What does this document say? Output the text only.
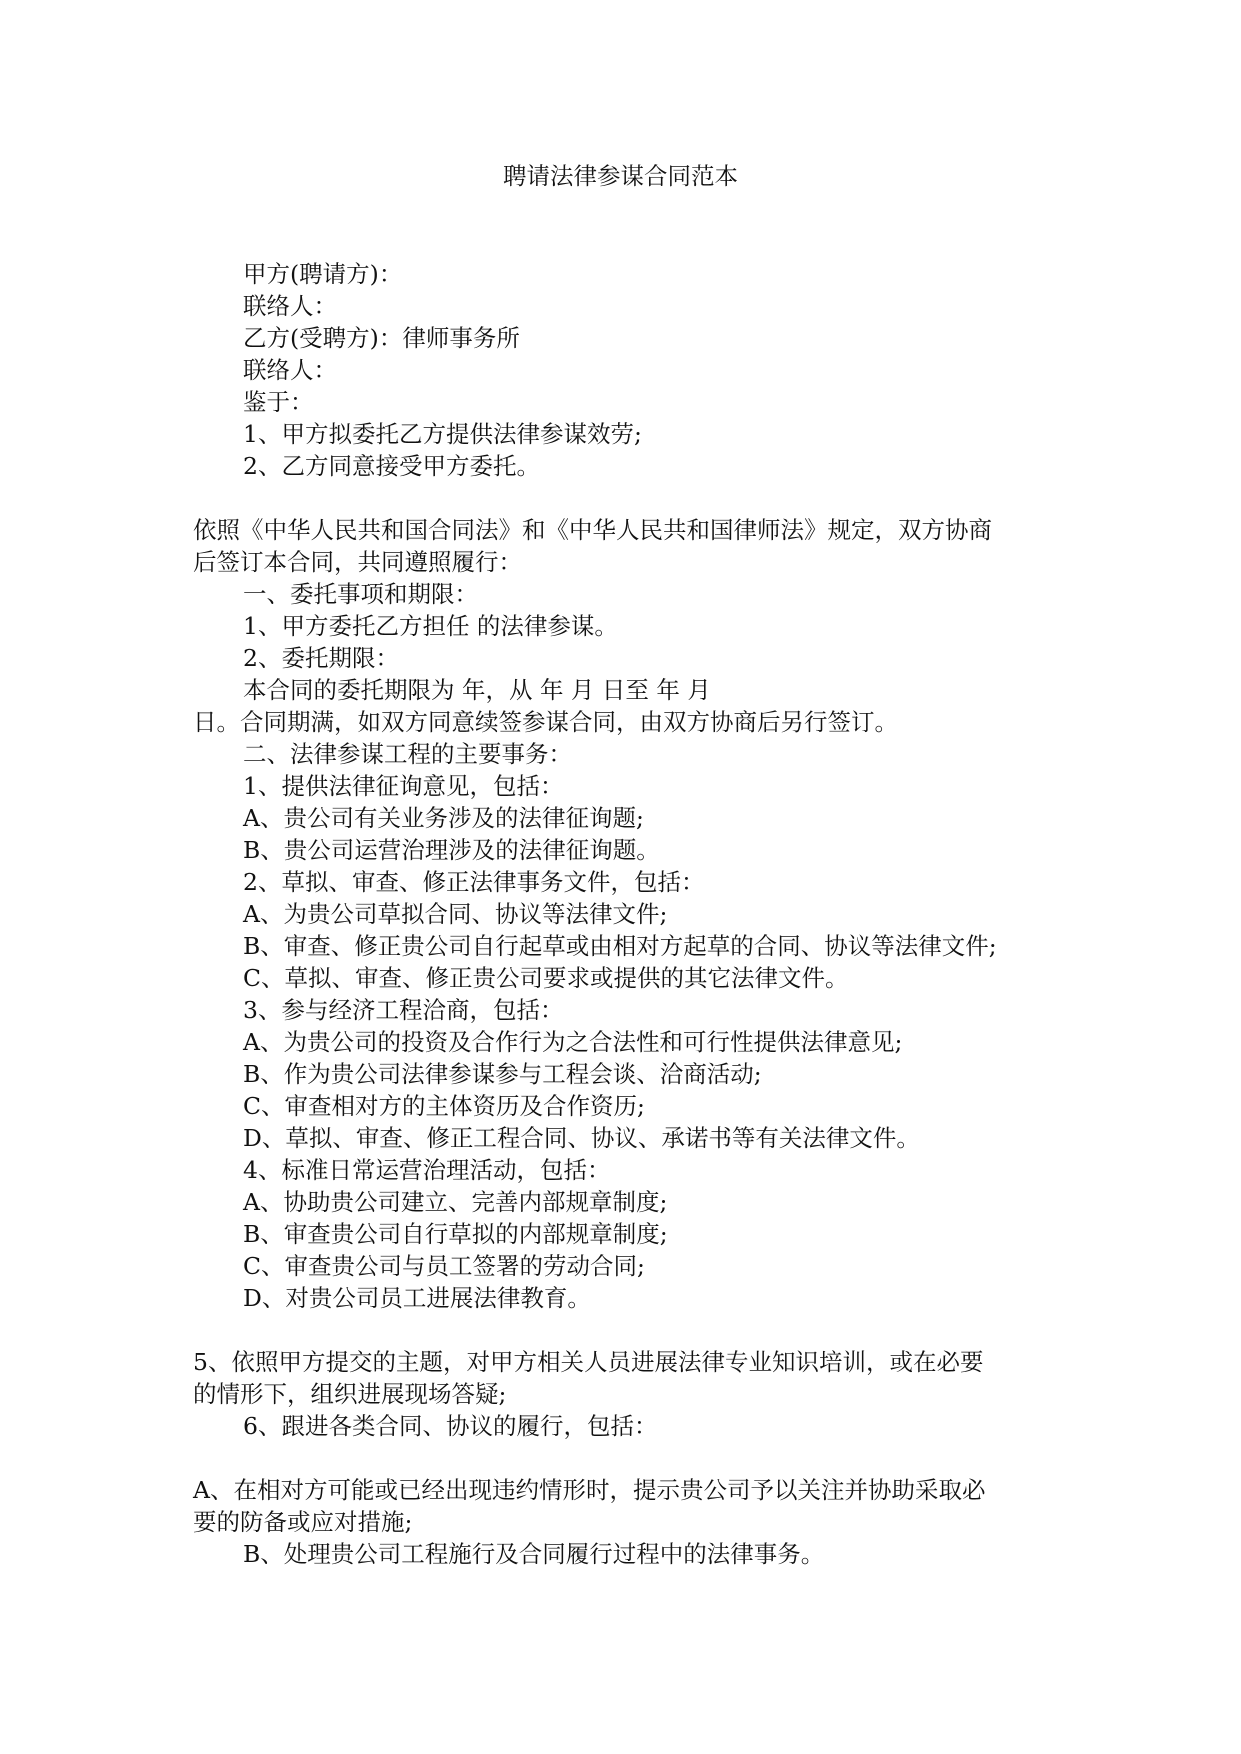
聘请法律参谋合同范本
甲方(聘请方)：
联络人：
乙方(受聘方)：律师事务所
联络人：
鉴于：
1、甲方拟委托乙方提供法律参谋效劳;
2、乙方同意接受甲方委托。
依照《中华人民共和国合同法》和《中华人民共和国律师法》规定，双方协商
后签订本合同，共同遵照履行：
一、委托事项和期限：
1、甲方委托乙方担任 的法律参谋。
2、委托期限：
本合同的委托期限为 年，从 年 月 日至 年 月
日。合同期满，如双方同意续签参谋合同，由双方协商后另行签订。
二、法律参谋工程的主要事务：
1、提供法律征询意见，包括：
A、贵公司有关业务涉及的法律征询题;
B、贵公司运营治理涉及的法律征询题。
2、草拟、审查、修正法律事务文件，包括：
A、为贵公司草拟合同、协议等法律文件;
B、审查、修正贵公司自行起草或由相对方起草的合同、协议等法律文件;
C、草拟、审查、修正贵公司要求或提供的其它法律文件。
3、参与经济工程洽商，包括：
A、为贵公司的投资及合作行为之合法性和可行性提供法律意见;
B、作为贵公司法律参谋参与工程会谈、洽商活动;
C、审查相对方的主体资历及合作资历;
D、草拟、审查、修正工程合同、协议、承诺书等有关法律文件。
4、标准日常运营治理活动，包括：
A、协助贵公司建立、完善内部规章制度;
B、审查贵公司自行草拟的内部规章制度;
C、审查贵公司与员工签署的劳动合同;
D、对贵公司员工进展法律教育。
5、依照甲方提交的主题，对甲方相关人员进展法律专业知识培训，或在必要
的情形下，组织进展现场答疑;
6、跟进各类合同、协议的履行，包括：
A、在相对方可能或已经出现违约情形时，提示贵公司予以关注并协助采取必
要的防备或应对措施;
B、处理贵公司工程施行及合同履行过程中的法律事务。
